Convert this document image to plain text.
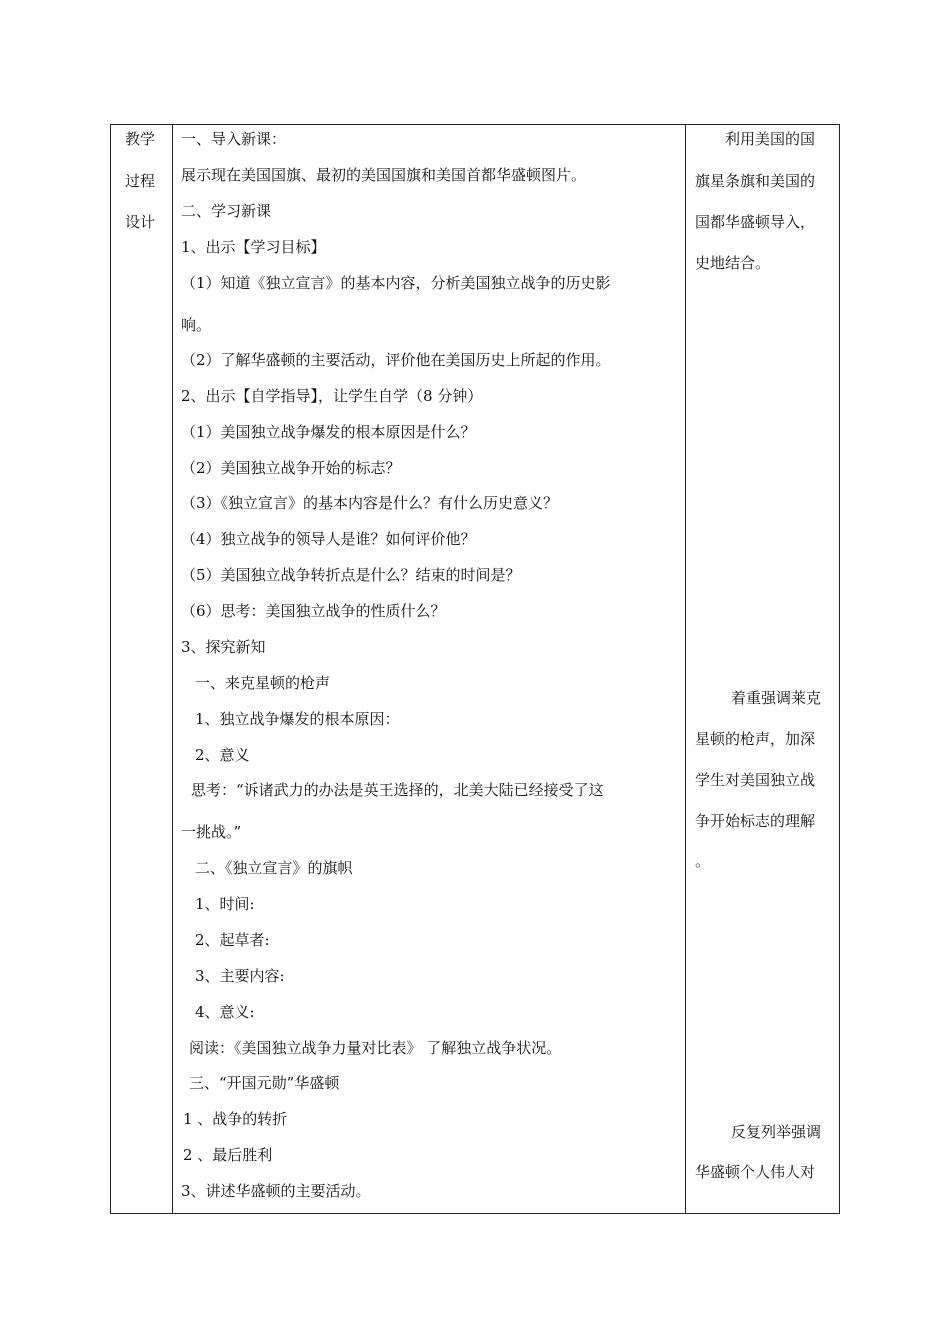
教学
过程
设计
一、导入新课：
展示现在美国国旗、最初的美国国旗和美国首都华盛顿图片。
二、学习新课
1、出示【学习目标】
（1）知道《独立宣言》的基本内容，分析美国独立战争的历史影
响。
（2）了解华盛顿的主要活动，评价他在美国历史上所起的作用。
2、出示【自学指导】，让学生自学（8 分钟）
（1）美国独立战争爆发的根本原因是什么？
（2）美国独立战争开始的标志？
（3）《独立宣言》的基本内容是什么？有什么历史意义？
（4）独立战争的领导人是谁？如何评价他？
（5）美国独立战争转折点是什么？结束的时间是？
（6）思考：美国独立战争的性质什么？
3、探究新知
一、来克星顿的枪声
1、独立战争爆发的根本原因：
2、意义
思考：“诉诸武力的办法是英王选择的，北美大陆已经接受了这
一挑战。”
二、《独立宣言》的旗帜
1、时间:
2、起草者:
3、主要内容:
4、意义:
阅读：《美国独立战争力量对比表》 了解独立战争状况。
三、“开国元勋”华盛顿
1 、战争的转折
2 、最后胜利
3、讲述华盛顿的主要活动。
利用美国的国
旗星条旗和美国的
国都华盛顿导入，
史地结合。
着重强调莱克
星顿的枪声，加深
学生对美国独立战
争开始标志的理解
。
反复列举强调
华盛顿个人伟人对
